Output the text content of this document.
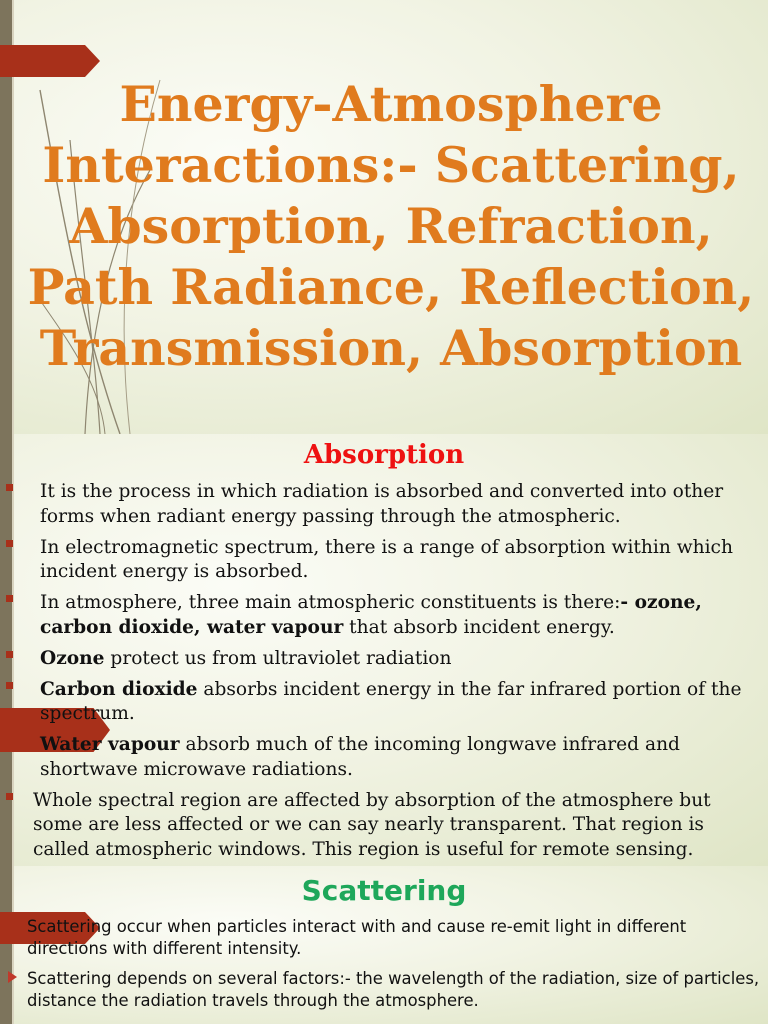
Energy-Atmosphere Interactions:- Scattering, Absorption, Refraction, Path Radiance, Reflection, Transmission, Absorption
Absorption
It is the process in which radiation is absorbed and converted into other forms when radiant energy passing through the atmospheric.
In electromagnetic spectrum, there is a range of absorption within which incident energy is absorbed.
In atmosphere, three main atmospheric constituents is there:- ozone, carbon dioxide, water vapour that absorb incident energy.
Ozone protect us from ultraviolet radiation
Carbon dioxide absorbs incident energy in the far infrared portion of the spectrum.
Water vapour absorb much of the incoming longwave infrared and shortwave microwave radiations.
Whole spectral region are affected by absorption of the atmosphere but some are less affected or we can say nearly transparent. That region is called atmospheric windows. This region is useful for remote sensing.
Scattering
Scattering occur when particles interact with and cause re-emit light in different directions with different intensity.
Scattering depends on several factors:- the wavelength of the radiation, size of particles, distance the radiation travels through the atmosphere.
